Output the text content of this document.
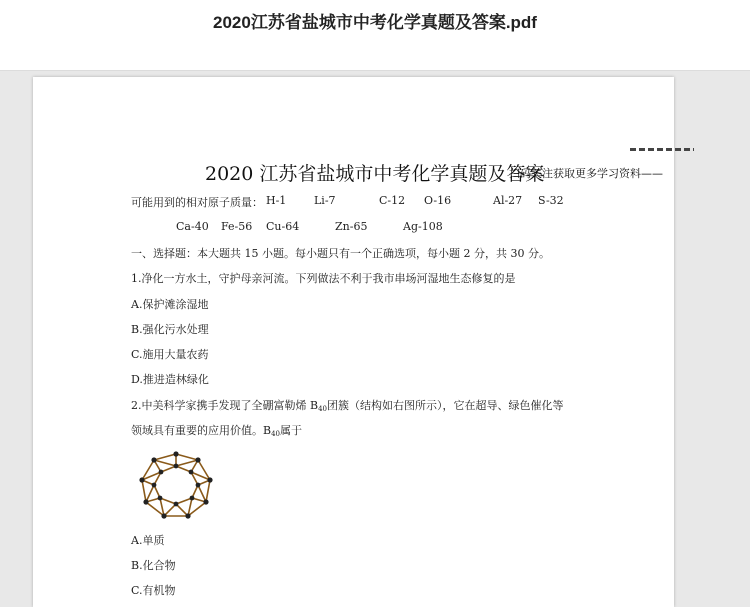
2020江苏省盐城市中考化学真题及答案.pdf
2020 江苏省盐城市中考化学真题及答案
扫码关注获取更多学习资料——
可能用到的相对原子质量： H-1	Li-7	C-12 O-16	Al-27 S-32
Ca-40 Fe-56 Cu-64	Zn-65	Ag-108
一、选择题：本大题共 15 小题。每小题只有一个正确选项，每小题 2 分，共 30 分。
1.净化一方水土，守护母亲河流。下列做法不利于我市串场河湿地生态修复的是
A.保护滩涂湿地
B.强化污水处理
C.施用大量农药
D.推进造林绿化
2.中美科学家携手发现了全硼富勒烯 $B_{40}$团簇（结构如右图所示），它在超导、绿色催化等
领域具有重要的应用价值。$B_{40}$属于
A.单质
B.化合物
C.有机物
